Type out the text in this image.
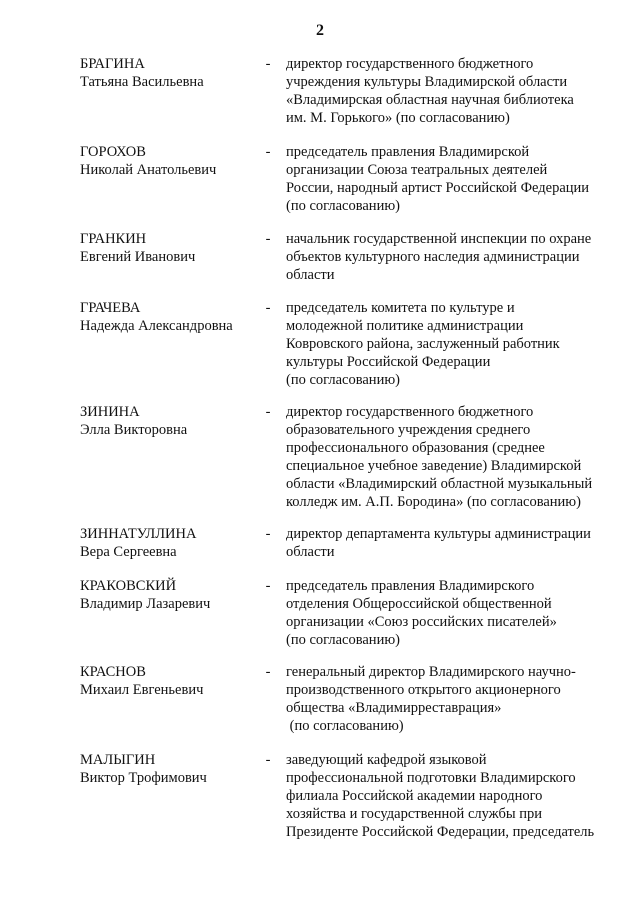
2
БРАГИНА
Татьяна Васильевна
- директор государственного бюджетного
учреждения культуры Владимирской области
«Владимирская областная научная библиотека
им. М. Горького» (по согласованию)
ГОРОХОВ
Николай Анатольевич
- председатель правления Владимирской
организации Союза театральных деятелей
России, народный артист Российской Федерации
(по согласованию)
ГРАНКИН
Евгений Иванович
- начальник государственной инспекции по охране
объектов культурного наследия администрации
области
ГРАЧЕВА
Надежда Александровна
- председатель комитета по культуре и
молодежной политике администрации
Ковровского района, заслуженный работник
культуры Российской Федерации
(по согласованию)
ЗИНИНА
Элла Викторовна
- директор государственного бюджетного
образовательного учреждения среднего
профессионального образования (среднее
специальное учебное заведение) Владимирской
области «Владимирский областной музыкальный
колледж им. А.П. Бородина» (по согласованию)
ЗИННАТУЛЛИНА
Вера Сергеевна
- директор департамента культуры администрации
области
КРАКОВСКИЙ
Владимир Лазаревич
- председатель правления Владимирского
отделения Общероссийской общественной
организации «Союз российских писателей»
(по согласованию)
КРАСНОВ
Михаил Евгеньевич
- генеральный директор Владимирского научно-
производственного открытого акционерного
общества «Владимирреставрация»
(по согласованию)
МАЛЫГИН
Виктор Трофимович
- заведующий кафедрой языковой
профессиональной подготовки Владимирского
филиала Российской академии народного
хозяйства и государственной службы при
Президенте Российской Федерации, председатель
